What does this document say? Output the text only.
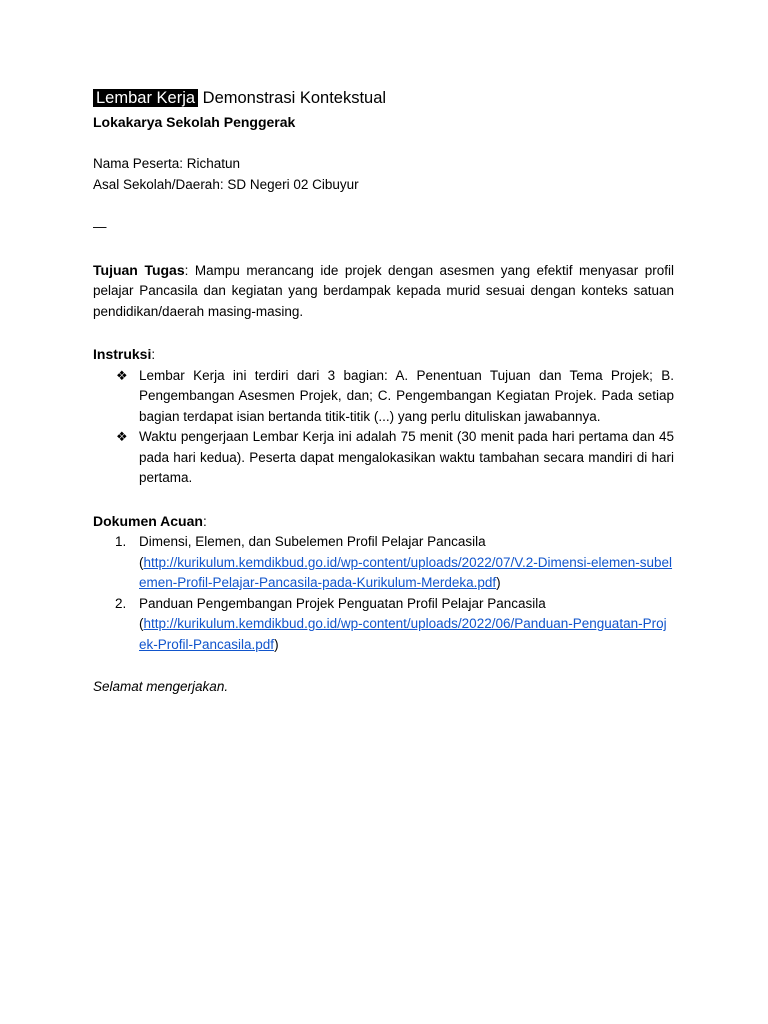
Lembar Kerja Demonstrasi Kontekstual
Lokakarya Sekolah Penggerak
Nama Peserta: Richatun
Asal Sekolah/Daerah: SD Negeri 02 Cibuyur
—
Tujuan Tugas: Mampu merancang ide projek dengan asesmen yang efektif menyasar profil pelajar Pancasila dan kegiatan yang berdampak kepada murid sesuai dengan konteks satuan pendidikan/daerah masing-masing.
Instruksi:
❖ Lembar Kerja ini terdiri dari 3 bagian: A. Penentuan Tujuan dan Tema Projek; B. Pengembangan Asesmen Projek, dan; C. Pengembangan Kegiatan Projek. Pada setiap bagian terdapat isian bertanda titik-titik (...) yang perlu dituliskan jawabannya.
❖ Waktu pengerjaan Lembar Kerja ini adalah 75 menit (30 menit pada hari pertama dan 45 pada hari kedua). Peserta dapat mengalokasikan waktu tambahan secara mandiri di hari pertama.
Dokumen Acuan:
1. Dimensi, Elemen, dan Subelemen Profil Pelajar Pancasila
(http://kurikulum.kemdikbud.go.id/wp-content/uploads/2022/07/V.2-Dimensi-elemen-subelemen-Profil-Pelajar-Pancasila-pada-Kurikulum-Merdeka.pdf)
2. Panduan Pengembangan Projek Penguatan Profil Pelajar Pancasila
(http://kurikulum.kemdikbud.go.id/wp-content/uploads/2022/06/Panduan-Penguatan-Projek-Profil-Pancasila.pdf)
Selamat mengerjakan.
